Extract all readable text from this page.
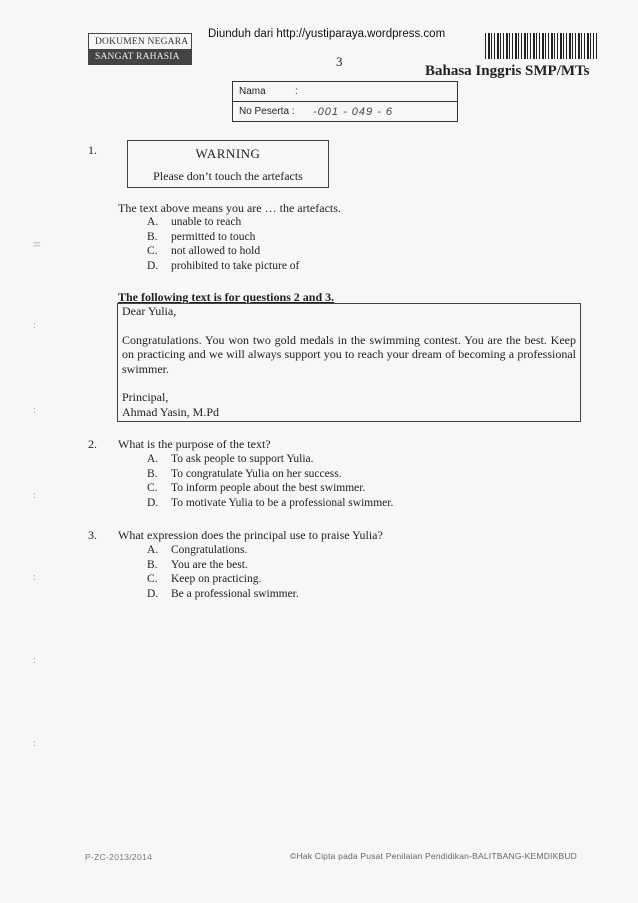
Diunduh dari http://yustiparaya.wordpress.com
DOKUMEN NEGARA
SANGAT RAHASIA	3
Bahasa Inggris SMP/MTs
Nama	:
No Peserta : -001 - 049 - 6
1.	WARNING
Please don’t touch the artefacts
The text above means you are … the artefacts.
A.	unable to reach
B.	permitted to touch
C.	not allowed to hold
D.	prohibited to take picture of
The following text is for questions 2 and 3.

Dear Yulia,

Congratulations. You won two gold medals in the swimming contest. You are the best. Keep on practicing and we will always support you to reach your dream of becoming a professional swimmer.

Principal,

Ahmad Yasin, M.Pd

2. What is the purpose of the text?
A.	To ask people to support Yulia.
B.	To congratulate Yulia on her success.
C.	To inform people about the best swimmer.
D.	To motivate Yulia to be a professional swimmer.
3. What expression does the principal use to praise Yulia?
A.	Congratulations.
B.	You are the best.
C.	Keep on practicing.
D.	Be a professional swimmer.
=
:
:
:
:
:
:
P-ZC-2013/2014	©Hak Cipta pada Pusat Penilaian Pendidikan-BALITBANG-KEMDIKBUD
